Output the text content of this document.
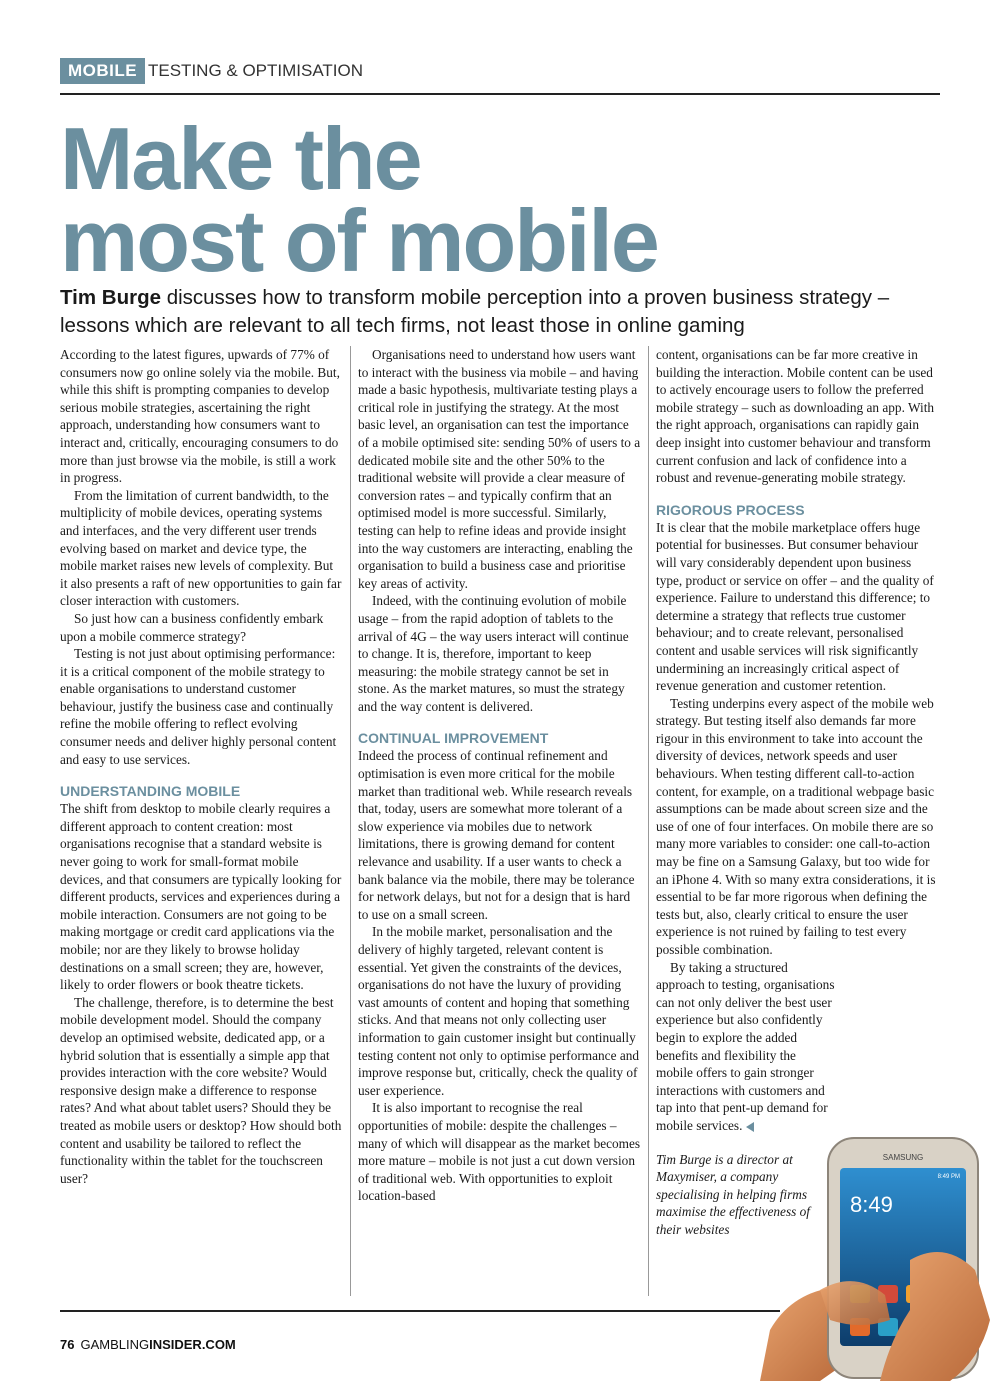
MOBILE TESTING & OPTIMISATION
Make the
most of mobile

Tim Burge discusses how to transform mobile perception into a proven business strategy – lessons which are relevant to all tech firms, not least those in online gaming

According to the latest figures, upwards of 77% of consumers now go online solely via the mobile. But, while this shift is prompting companies to develop serious mobile strategies, ascertaining the right approach, understanding how consumers want to interact and, critically, encouraging consumers to do more than just browse via the mobile, is still a work in progress.

From the limitation of current bandwidth, to the multiplicity of mobile devices, operating systems and interfaces, and the very different user trends evolving based on market and device type, the mobile market raises new levels of complexity. But it also presents a raft of new opportunities to gain far closer interaction with customers.

So just how can a business confidently embark upon a mobile commerce strategy?

Testing is not just about optimising performance: it is a critical component of the mobile strategy to enable organisations to understand customer behaviour, justify the business case and continually refine the mobile offering to reflect evolving consumer needs and deliver highly personal content and easy to use services.

UNDERSTANDING MOBILE

The shift from desktop to mobile clearly requires a different approach to content creation: most organisations recognise that a standard website is never going to work for small-format mobile devices, and that consumers are typically looking for different products, services and experiences during a mobile interaction. Consumers are not going to be making mortgage or credit card applications via the mobile; nor are they likely to browse holiday destinations on a small screen; they are, however, likely to order flowers or book theatre tickets.

The challenge, therefore, is to determine the best mobile development model. Should the company develop an optimised website, dedicated app, or a hybrid solution that is essentially a simple app that provides interaction with the core website? Would responsive design make a difference to response rates? And what about tablet users? Should they be treated as mobile users or desktop? How should both content and usability be tailored to reflect the functionality within the tablet for the touchscreen user?

Organisations need to understand how users want to interact with the business via mobile – and having made a basic hypothesis, multivariate testing plays a critical role in justifying the strategy. At the most basic level, an organisation can test the importance of a mobile optimised site: sending 50% of users to a dedicated mobile site and the other 50% to the traditional website will provide a clear measure of conversion rates – and typically confirm that an optimised model is more successful. Similarly, testing can help to refine ideas and provide insight into the way customers are interacting, enabling the organisation to build a business case and prioritise key areas of activity.

Indeed, with the continuing evolution of mobile usage – from the rapid adoption of tablets to the arrival of 4G – the way users interact will continue to change. It is, therefore, important to keep measuring: the mobile strategy cannot be set in stone. As the market matures, so must the strategy and the way content is delivered.

CONTINUAL IMPROVEMENT

Indeed the process of continual refinement and optimisation is even more critical for the mobile market than traditional web. While research reveals that, today, users are somewhat more tolerant of a slow experience via mobiles due to network limitations, there is growing demand for content relevance and usability. If a user wants to check a bank balance via the mobile, there may be tolerance for network delays, but not for a design that is hard to use on a small screen.

In the mobile market, personalisation and the delivery of highly targeted, relevant content is essential. Yet given the constraints of the devices, organisations do not have the luxury of providing vast amounts of content and hoping that something sticks. And that means not only collecting user information to gain customer insight but continually testing content not only to optimise performance and improve response but, critically, check the quality of user experience.

It is also important to recognise the real opportunities of mobile: despite the challenges – many of which will disappear as the market becomes more mature – mobile is not just a cut down version of traditional web. With opportunities to exploit location-based

content, organisations can be far more creative in building the interaction. Mobile content can be used to actively encourage users to follow the preferred mobile strategy – such as downloading an app. With the right approach, organisations can rapidly gain deep insight into customer behaviour and transform current confusion and lack of confidence into a robust and revenue-generating mobile strategy.

RIGOROUS PROCESS

It is clear that the mobile marketplace offers huge potential for businesses. But consumer behaviour will vary considerably dependent upon business type, product or service on offer – and the quality of experience. Failure to understand this difference; to determine a strategy that reflects true customer behaviour; and to create relevant, personalised content and usable services will risk significantly undermining an increasingly critical aspect of revenue generation and customer retention.

Testing underpins every aspect of the mobile web strategy. But testing itself also demands far more rigour in this environment to take into account the diversity of devices, network speeds and user behaviours. When testing different call-to-action content, for example, on a traditional webpage basic assumptions can be made about screen size and the use of one of four interfaces. On mobile there are so many more variables to consider: one call-to-action may be fine on a Samsung Galaxy, but too wide for an iPhone 4. With so many extra considerations, it is essential to be far more rigorous when defining the tests but, also, clearly critical to ensure the user experience is not ruined by failing to test every possible combination.

By taking a structured approach to testing, organisations can not only deliver the best user experience but also confidently begin to explore the added benefits and flexibility the mobile offers to gain stronger interactions with customers and tap into that pent-up demand for mobile services.

Tim Burge is a director at Maxymiser, a company specialising in helping firms maximise the effectiveness of their websites

SAMSUNG
8:49 PM
8:49
76 GAMBLINGINSIDER.COM
